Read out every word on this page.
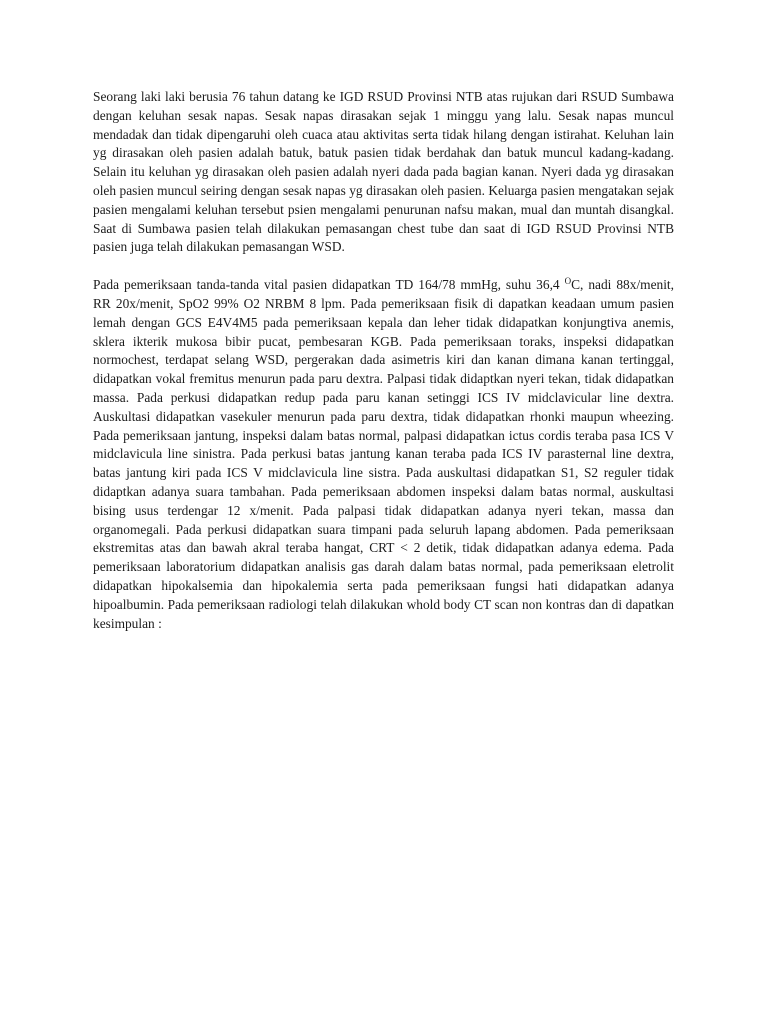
Seorang laki laki berusia 76 tahun datang ke IGD RSUD Provinsi NTB atas rujukan dari RSUD Sumbawa dengan keluhan sesak napas. Sesak napas dirasakan sejak 1 minggu yang lalu. Sesak napas muncul mendadak dan tidak dipengaruhi oleh cuaca atau aktivitas serta tidak hilang dengan istirahat. Keluhan lain yg dirasakan oleh pasien adalah batuk, batuk pasien tidak berdahak dan batuk muncul kadang-kadang. Selain itu keluhan yg dirasakan oleh pasien adalah nyeri dada pada bagian kanan. Nyeri dada yg dirasakan oleh pasien muncul seiring dengan sesak napas yg dirasakan oleh pasien. Keluarga pasien mengatakan sejak pasien mengalami keluhan tersebut psien mengalami penurunan nafsu makan, mual dan muntah disangkal. Saat di Sumbawa pasien telah dilakukan pemasangan chest tube dan saat di IGD RSUD Provinsi NTB pasien juga telah dilakukan pemasangan WSD.

Pada pemeriksaan tanda-tanda vital pasien didapatkan TD 164/78 mmHg, suhu 36,4 $^O$C, nadi 88x/menit, RR 20x/menit, SpO2 99% O2 NRBM 8 lpm. Pada pemeriksaan fisik di dapatkan keadaan umum pasien lemah dengan GCS E4V4M5 pada pemeriksaan kepala dan leher tidak didapatkan konjungtiva anemis, sklera ikterik mukosa bibir pucat, pembesaran KGB. Pada pemeriksaan toraks, inspeksi didapatkan normochest, terdapat selang WSD, pergerakan dada asimetris kiri dan kanan dimana kanan tertinggal, didapatkan vokal fremitus menurun pada paru dextra. Palpasi tidak didaptkan nyeri tekan, tidak didapatkan massa. Pada perkusi didapatkan redup pada paru kanan setinggi ICS IV midclavicular line dextra. Auskultasi didapatkan vasekuler menurun pada paru dextra, tidak didapatkan rhonki maupun wheezing. Pada pemeriksaan jantung, inspeksi dalam batas normal, palpasi didapatkan ictus cordis teraba pasa ICS V midclavicula line sinistra. Pada perkusi batas jantung kanan teraba pada ICS IV parasternal line dextra, batas jantung kiri pada ICS V midclavicula line sistra. Pada auskultasi didapatkan S1, S2 reguler tidak didaptkan adanya suara tambahan. Pada pemeriksaan abdomen inspeksi dalam batas normal, auskultasi bising usus terdengar 12 x/menit. Pada palpasi tidak didapatkan adanya nyeri tekan, massa dan organomegali. Pada perkusi didapatkan suara timpani pada seluruh lapang abdomen. Pada pemeriksaan ekstremitas atas dan bawah akral teraba hangat, CRT < 2 detik, tidak didapatkan adanya edema. Pada pemeriksaan laboratorium didapatkan analisis gas darah dalam batas normal, pada pemeriksaan eletrolit didapatkan hipokalsemia dan hipokalemia serta pada pemeriksaan fungsi hati didapatkan adanya hipoalbumin. Pada pemeriksaan radiologi telah dilakukan whold body CT scan non kontras dan di dapatkan kesimpulan :
